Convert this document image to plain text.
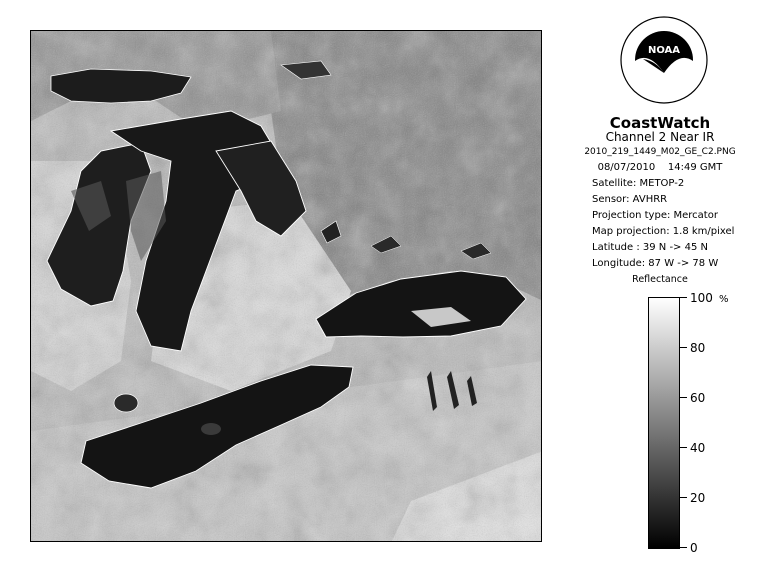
NOAA
CoastWatch
Channel 2 Near IR
2010_219_1449_M02_GE_C2.PNG
08/07/2010    14:49 GMT
Satellite: METOP-2
Sensor: AVHRR
Projection type: Mercator
Map projection: 1.8 km/pixel
Latitude : 39 N -> 45 N
Longitude: 87 W -> 78 W
Reflectance
%
100
80
60
40
20
0
